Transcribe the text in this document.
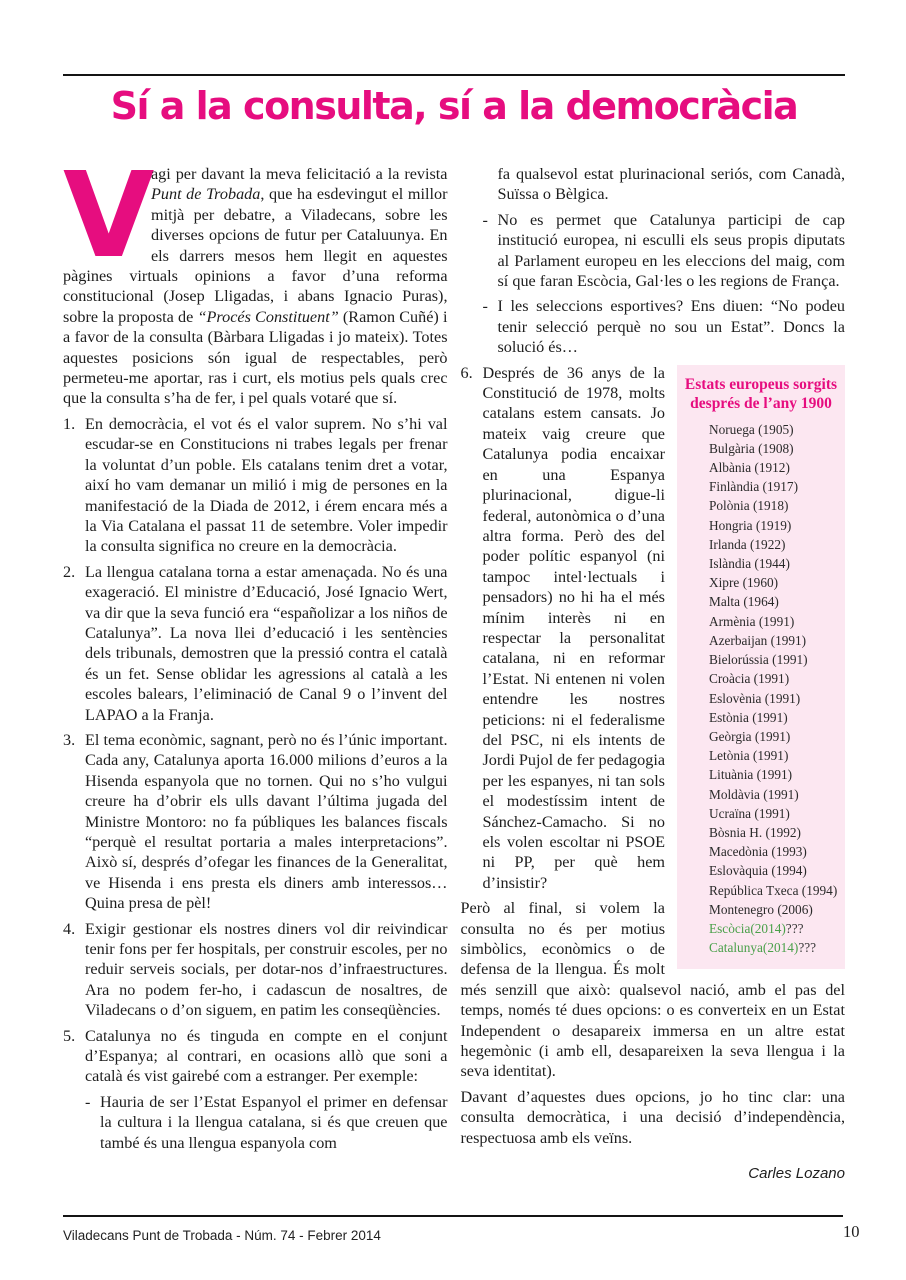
Sí a la consulta, sí a la democràcia

V
agi per davant la meva felicitació a la revista Punt de Trobada, que ha esdevingut el millor mitjà per debatre, a Viladecans, sobre les diverses opcions de futur per Cataluunya. En els darrers mesos hem llegit en aquestes pàgines virtuals opinions a favor d’una reforma constitucional (Josep Lligadas, i abans Ignacio Puras), sobre la proposta de “Procés Constituent” (Ramon Cuñé) i a favor de la consulta (Bàrbara Lligadas i jo mateix). Totes aquestes posicions són igual de respectables, però permeteu-me aportar, ras i curt, els motius pels quals crec que la consulta s’ha de fer, i pel quals votaré que sí.

1. En democràcia, el vot és el valor suprem. No s’hi val escudar-se en Constitucions ni trabes legals per frenar la voluntat d’un poble. Els catalans tenim dret a votar, així ho vam demanar un milió i mig de persones en la manifestació de la Diada de 2012, i érem encara més a la Via Catalana el passat 11 de setembre. Voler impedir la consulta significa no creure en la democràcia.

2. La llengua catalana torna a estar amenaçada. No és una exageració. El ministre d’Educació, José Ignacio Wert, va dir que la seva funció era “españolizar a los niños de Catalunya”. La nova llei d’educació i les sentències dels tribunals, demostren que la pressió contra el català és un fet. Sense oblidar les agressions al català a les escoles balears, l’eliminació de Canal 9 o l’invent del LAPAO a la Franja.

3. El tema econòmic, sagnant, però no és l’únic important. Cada any, Catalunya aporta 16.000 milions d’euros a la Hisenda espanyola que no tornen. Qui no s’ho vulgui creure ha d’obrir els ulls davant l’última jugada del Ministre Montoro: no fa públiques les balances fiscals “perquè el resultat portaria a males interpretacions”. Això sí, després d’ofegar les finances de la Generalitat, ve Hisenda i ens presta els diners amb interessos… Quina presa de pèl!

4. Exigir gestionar els nostres diners vol dir reivindicar tenir fons per fer hospitals, per construir escoles, per no reduir serveis socials, per dotar-nos d’infraestructures. Ara no podem fer-ho, i cadascun de nosaltres, de Viladecans o d’on siguem, en patim les conseqüències.

5. Catalunya no és tinguda en compte en el conjunt d’Espanya; al contrari, en ocasions allò que soni a català és vist gairebé com a estranger. Per exemple:

- Hauria de ser l’Estat Espanyol el primer en defensar la cultura i la llengua catalana, si és que creuen que també és una llengua espanyola com

fa qualsevol estat plurinacional seriós, com Canadà, Suïssa o Bèlgica.

- No es permet que Catalunya participi de cap institució europea, ni esculli els seus propis diputats al Parlament europeu en les eleccions del maig, com sí que faran Escòcia, Gal·les o les regions de França.

- I les seleccions esportives? Ens diuen: “No podeu tenir selecció perquè no sou un Estat”. Doncs la solució és…

Estats europeus sorgits després de l’any 1900
Noruega (1905)
Bulgària (1908)
Albània (1912)
Finlàndia (1917)
Polònia (1918)
Hongria (1919)
Irlanda (1922)
Islàndia (1944)
Xipre (1960)
Malta (1964)
Armènia (1991)
Azerbaijan (1991)
Bielorússia (1991)
Croàcia (1991)
Eslovènia (1991)
Estònia (1991)
Geòrgia (1991)
Letònia (1991)
Lituània (1991)
Moldàvia (1991)
Ucraïna (1991)
Bòsnia H. (1992)
Macedònia (1993)
Eslovàquia (1994)
República Txeca (1994)
Montenegro (2006)
Escòcia(2014)???
Catalunya(2014)???

6. Després de 36 anys de la Constitució de 1978, molts catalans estem cansats. Jo mateix vaig creure que Catalunya podia encaixar en una Espanya plurinacional, digue-li federal, autonòmica o d’una altra forma. Però des del poder polític espanyol (ni tampoc intel·lectuals i pensadors) no hi ha el més mínim interès ni en respectar la personalitat catalana, ni en reformar l’Estat. Ni entenen ni volen entendre les nostres peticions: ni el federalisme del PSC, ni els intents de Jordi Pujol de fer pedagogia per les espanyes, ni tan sols el modestíssim intent de Sánchez-Camacho. Si no els volen escoltar ni PSOE ni PP, per què hem d’insistir?

Però al final, si volem la consulta no és per motius simbòlics, econòmics o de defensa de la llengua. És molt més senzill que això: qualsevol nació, amb el pas del temps, només té dues opcions: o es converteix en un Estat Independent o desapareix immersa en un altre estat hegemònic (i amb ell, desapareixen la seva llengua i la seva identitat).

Davant d’aquestes dues opcions, jo ho tinc clar: una consulta democràtica, i una decisió d’independència, respectuosa amb els veïns.

Carles Lozano
Viladecans Punt de Trobada - Núm. 74 - Febrer 2014	10
